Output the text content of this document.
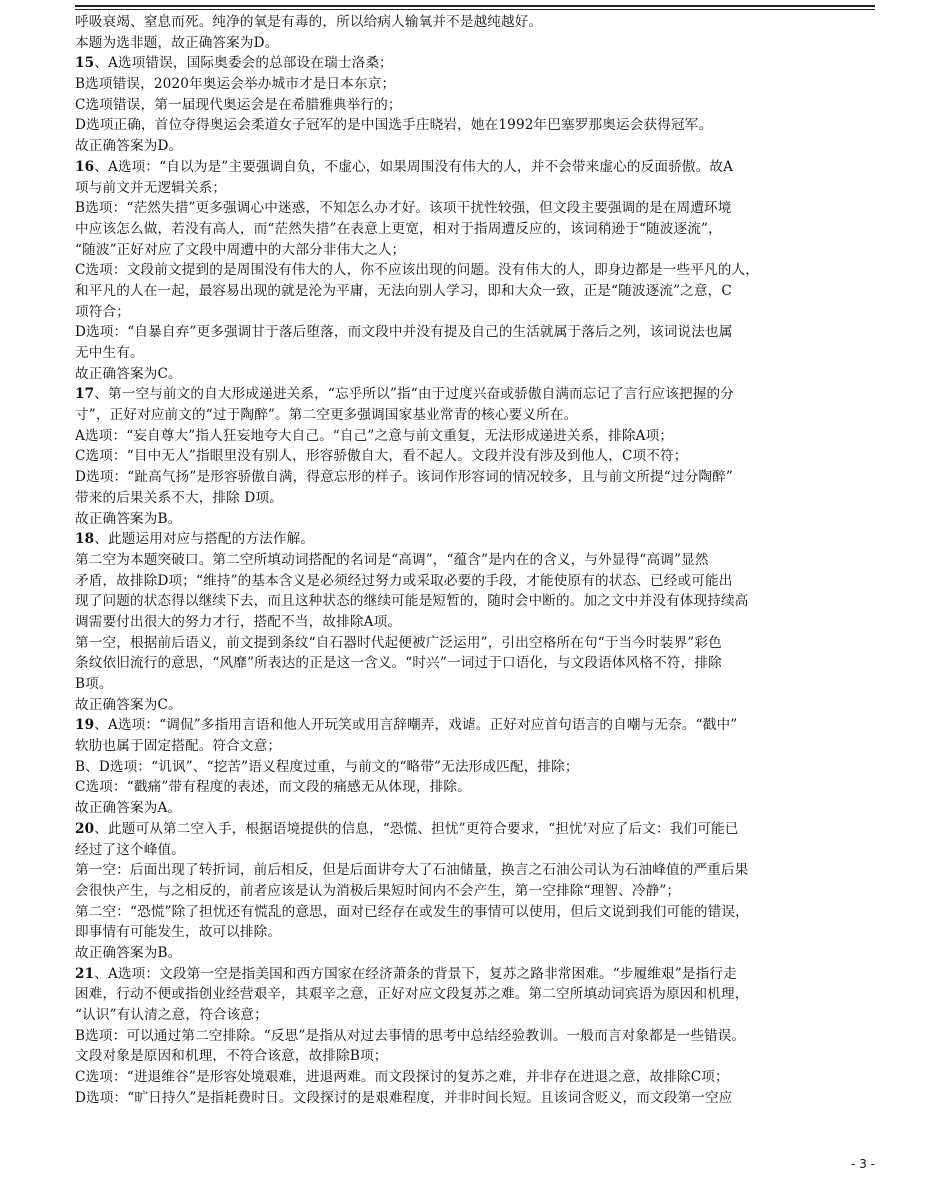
呼吸衰竭、窒息而死。纯净的氧是有毒的，所以给病人输氧并不是越纯越好。
本题为选非题，故正确答案为D。
15、A选项错误，国际奥委会的总部设在瑞士洛桑；
B选项错误，2020年奥运会举办城市才是日本东京；
C选项错误，第一届现代奥运会是在希腊雅典举行的；
D选项正确，首位夺得奥运会柔道女子冠军的是中国选手庄晓岩，她在1992年巴塞罗那奥运会获得冠军。
故正确答案为D。
16、A选项：“自以为是”主要强调自负，不虚心，如果周围没有伟大的人，并不会带来虚心的反面骄傲。故A
项与前文并无逻辑关系；
B选项：“茫然失措”更多强调心中迷惑，不知怎么办才好。该项干扰性较强，但文段主要强调的是在周遭环境
中应该怎么做，若没有高人，而“茫然失措”在表意上更宽，相对于指周遭反应的，该词稍逊于“随波逐流”，
“随波”正好对应了文段中周遭中的大部分非伟大之人；
C选项：文段前文提到的是周围没有伟大的人，你不应该出现的问题。没有伟大的人，即身边都是一些平凡的人，
和平凡的人在一起，最容易出现的就是沦为平庸，无法向别人学习，即和大众一致，正是“随波逐流”之意，C
项符合；
D选项：“自暴自弃”更多强调甘于落后堕落，而文段中并没有提及自己的生活就属于落后之列，该词说法也属
无中生有。
故正确答案为C。
17、第一空与前文的自大形成递进关系，“忘乎所以”指“由于过度兴奋或骄傲自满而忘记了言行应该把握的分
寸”，正好对应前文的“过于陶醉”。第二空更多强调国家基业常青的核心要义所在。
A选项：“妄自尊大”指人狂妄地夸大自己。“自己”之意与前文重复，无法形成递进关系，排除A项；
C选项：“目中无人”指眼里没有别人，形容骄傲自大，看不起人。文段并没有涉及到他人，C项不符；
D选项：“趾高气扬”是形容骄傲自满，得意忘形的样子。该词作形容词的情况较多，且与前文所提“过分陶醉”
带来的后果关系不大，排除 D项。
故正确答案为B。
18、此题运用对应与搭配的方法作解。
第二空为本题突破口。第二空所填动词搭配的名词是“高调”，“蕴含”是内在的含义，与外显得“高调”显然
矛盾，故排除D项；“维持”的基本含义是必须经过努力或采取必要的手段，才能使原有的状态、已经或可能出
现了问题的状态得以继续下去，而且这种状态的继续可能是短暂的，随时会中断的。加之文中并没有体现持续高
调需要付出很大的努力才行，搭配不当，故排除A项。
第一空，根据前后语义，前文提到条纹“自石器时代起便被广泛运用”，引出空格所在句“于当今时装界”彩色
条纹依旧流行的意思，“风靡”所表达的正是这一含义。“时兴”一词过于口语化，与文段语体风格不符，排除
B项。
故正确答案为C。
19、A选项：“调侃”多指用言语和他人开玩笑或用言辞嘲弄，戏谑。正好对应首句语言的自嘲与无奈。“戳中”
软肋也属于固定搭配。符合文意；
B、D选项：“讥讽”、“挖苦”语义程度过重，与前文的“略带”无法形成匹配，排除；
C选项：“戳痛”带有程度的表述，而文段的痛感无从体现，排除。
故正确答案为A。
20、此题可从第二空入手，根据语境提供的信息，“恐慌、担忧”更符合要求，“担忧’对应了后文：我们可能已
经过了这个峰值。
第一空：后面出现了转折词，前后相反，但是后面讲夸大了石油储量，换言之石油公司认为石油峰值的严重后果
会很快产生，与之相反的，前者应该是认为消极后果短时间内不会产生，第一空排除“理智、冷静”；
第二空：“恐慌”除了担忧还有慌乱的意思，面对已经存在或发生的事情可以使用，但后文说到我们可能的错误，
即事情有可能发生，故可以排除。
故正确答案为B。
21、A选项：文段第一空是指美国和西方国家在经济萧条的背景下，复苏之路非常困难。“步履维艰”是指行走
困难，行动不便或指创业经营艰辛，其艰辛之意，正好对应文段复苏之难。第二空所填动词宾语为原因和机理，
“认识”有认清之意，符合该意；
B选项：可以通过第二空排除。“反思”是指从对过去事情的思考中总结经验教训。一般而言对象都是一些错误。
文段对象是原因和机理，不符合该意，故排除B项；
C选项：“进退维谷”是形容处境艰难，进退两难。而文段探讨的复苏之难，并非存在进退之意，故排除C项；
D选项：“旷日持久”是指耗费时日。文段探讨的是艰难程度，并非时间长短。且该词含贬义，而文段第一空应
- 3 -
